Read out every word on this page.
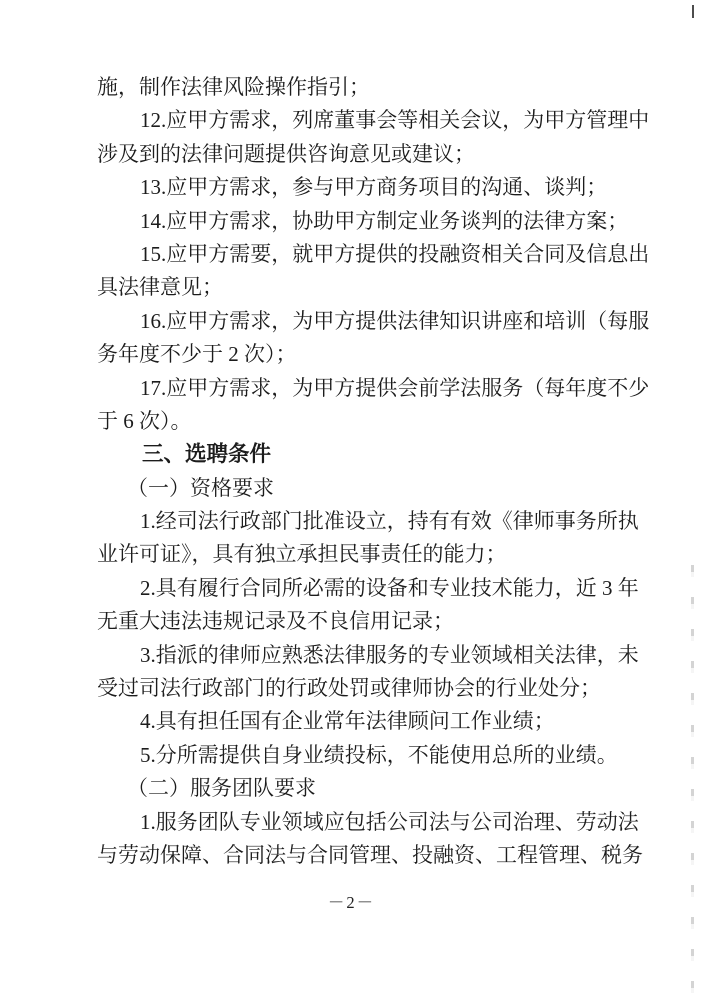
施，制作法律风险操作指引；
12.应甲方需求，列席董事会等相关会议，为甲方管理中
涉及到的法律问题提供咨询意见或建议；
13.应甲方需求，参与甲方商务项目的沟通、谈判；
14.应甲方需求，协助甲方制定业务谈判的法律方案；
15.应甲方需要，就甲方提供的投融资相关合同及信息出
具法律意见；
16.应甲方需求，为甲方提供法律知识讲座和培训（每服
务年度不少于 2 次）；
17.应甲方需求，为甲方提供会前学法服务（每年度不少
于 6 次）。
三、选聘条件
（一）资格要求
1.经司法行政部门批准设立，持有有效《律师事务所执
业许可证》，具有独立承担民事责任的能力；
2.具有履行合同所必需的设备和专业技术能力，近 3 年
无重大违法违规记录及不良信用记录；
3.指派的律师应熟悉法律服务的专业领域相关法律，未
受过司法行政部门的行政处罚或律师协会的行业处分；
4.具有担任国有企业常年法律顾问工作业绩；
5.分所需提供自身业绩投标，不能使用总所的业绩。
（二）服务团队要求
1.服务团队专业领域应包括公司法与公司治理、劳动法
与劳动保障、合同法与合同管理、投融资、工程管理、税务
－2－
